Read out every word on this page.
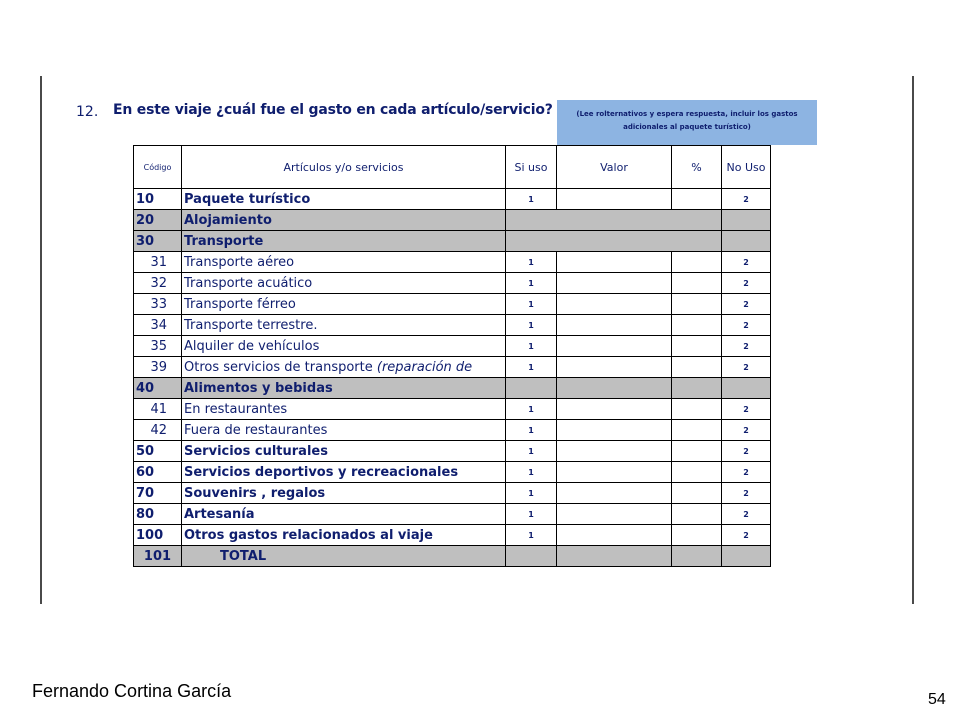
12. En este viaje ¿cuál fue el gasto en cada artículo/servicio?	(Lee rolternativos y espera respuesta, incluir los gastos adicionales al paquete turístico)
Código	Artículos y/o servicios	Si uso	Valor	%	No Uso
10	Paquete turístico	1			2
20	Alojamiento				
30	Transporte				
31	Transporte aéreo	1			2
32	Transporte acuático	1			2
33	Transporte férreo	1			2
34	Transporte terrestre.	1			2
35	Alquiler de vehículos	1			2
39	Otros servicios de transporte (reparación de	1			2
40	Alimentos y bebidas				
41	En restaurantes	1			2
42	Fuera de restaurantes	1			2
50	Servicios culturales	1			2
60	Servicios deportivos y recreacionales	1			2
70	Souvenirs , regalos	1			2
80	Artesanía	1			2
100	Otros gastos relacionados al viaje	1			2
101	TOTAL				
Fernando Cortina García	54
